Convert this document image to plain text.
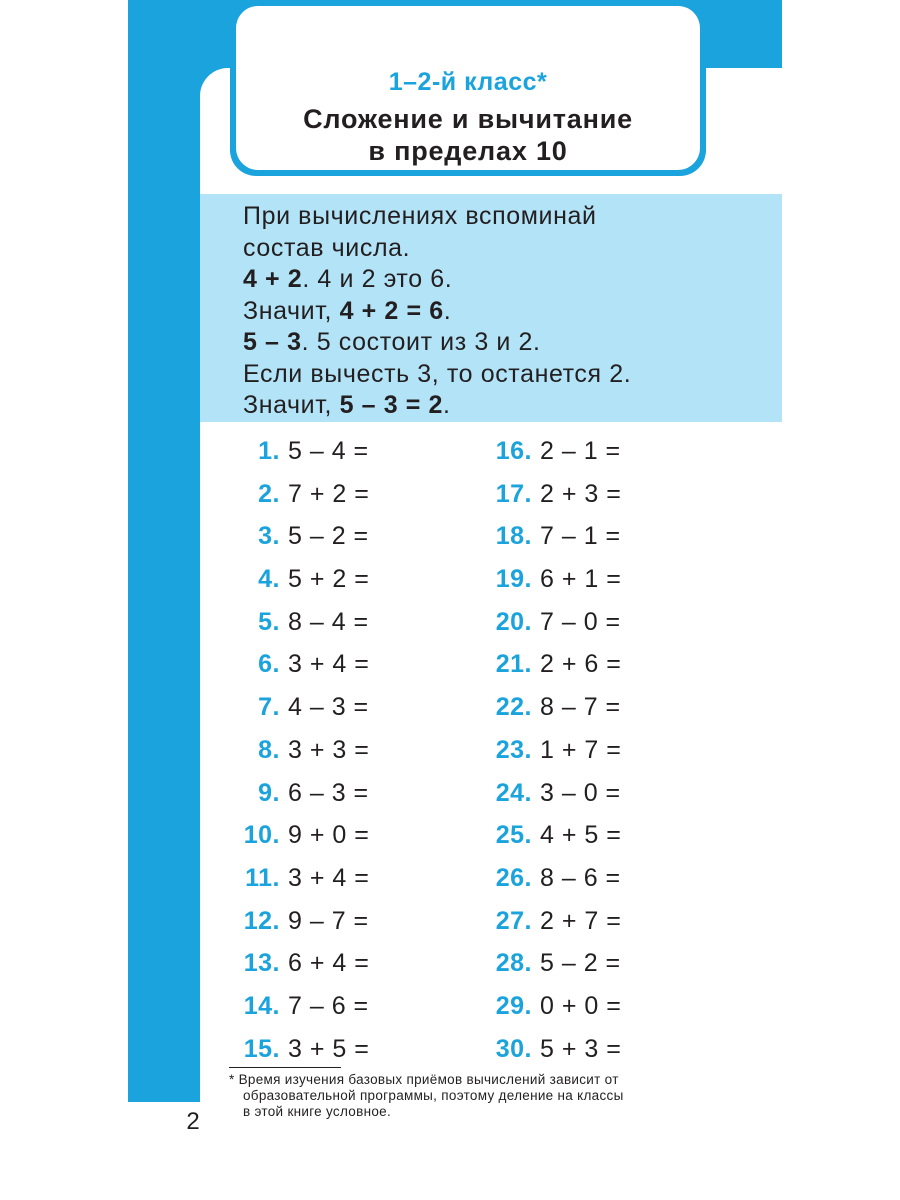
1–2-й класс*
Сложение и вычитание
в пределах 10
При вычислениях вспоминай
состав числа.
4 + 2. 4 и 2 это 6.
Значит, 4 + 2 = 6.
5 – 3. 5 состоит из 3 и 2.
Если вычесть 3, то останется 2.
Значит, 5 – 3 = 2.
1. 5 – 4 =
2. 7 + 2 =
3. 5 – 2 =
4. 5 + 2 =
5. 8 – 4 =
6. 3 + 4 =
7. 4 – 3 =
8. 3 + 3 =
9. 6 – 3 =
10. 9 + 0 =
11. 3 + 4 =
12. 9 – 7 =
13. 6 + 4 =
14. 7 – 6 =
15. 3 + 5 =
16. 2 – 1 =
17. 2 + 3 =
18. 7 – 1 =
19. 6 + 1 =
20. 7 – 0 =
21. 2 + 6 =
22. 8 – 7 =
23. 1 + 7 =
24. 3 – 0 =
25. 4 + 5 =
26. 8 – 6 =
27. 2 + 7 =
28. 5 – 2 =
29. 0 + 0 =
30. 5 + 3 =
* Время изучения базовых приёмов вычислений зависит от
образовательной программы, поэтому деление на классы
в этой книге условное.
2
